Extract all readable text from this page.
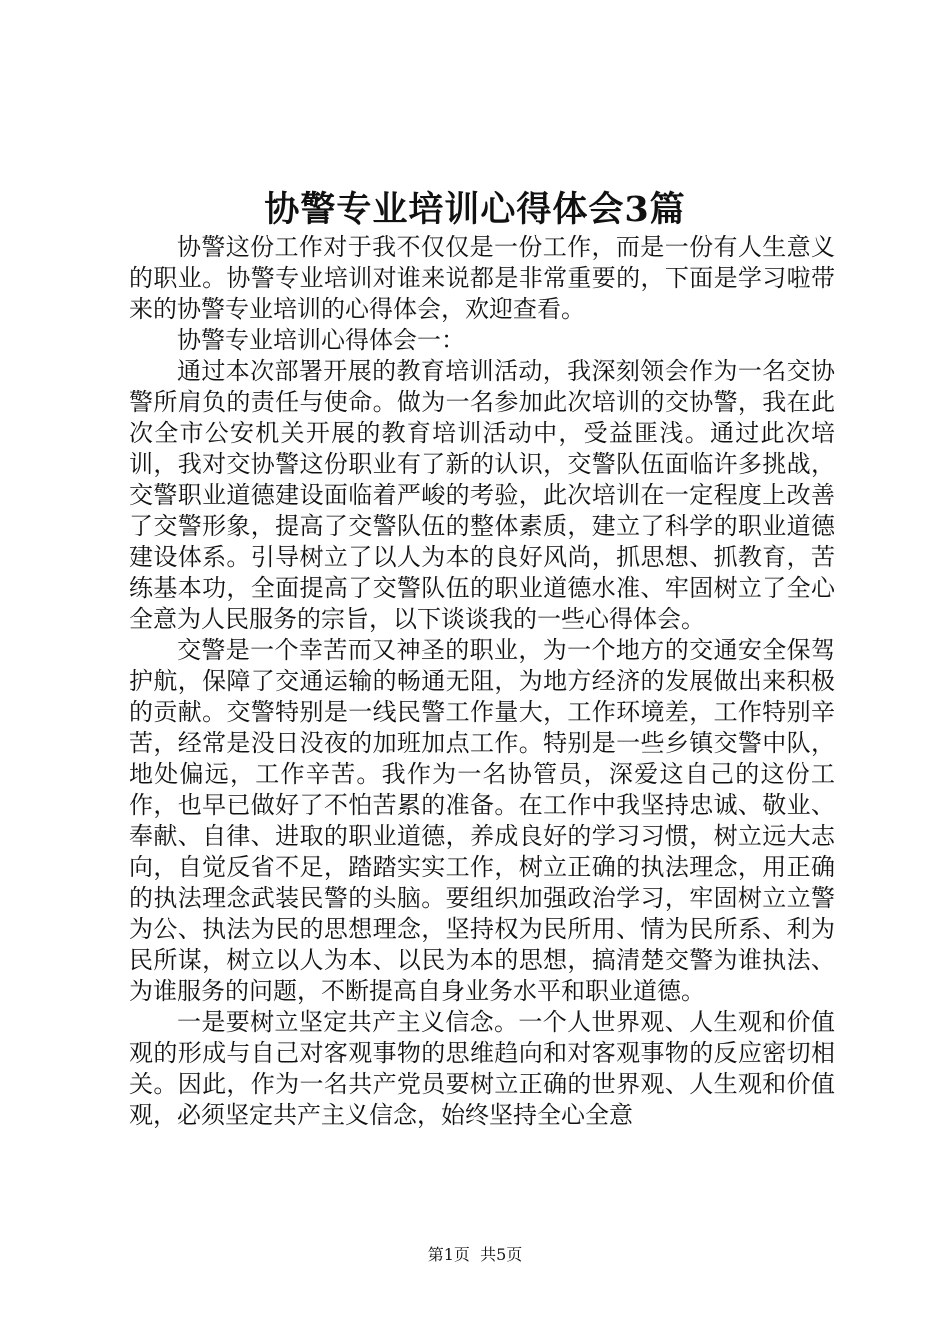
协警专业培训心得体会3篇

协警这份工作对于我不仅仅是一份工作，而是一份有人生意义的职业。协警专业培训对谁来说都是非常重要的，下面是学习啦带来的协警专业培训的心得体会，欢迎查看。

协警专业培训心得体会一：

通过本次部署开展的教育培训活动，我深刻领会作为一名交协警所肩负的责任与使命。做为一名参加此次培训的交协警，我在此次全市公安机关开展的教育培训活动中，受益匪浅。通过此次培训，我对交协警这份职业有了新的认识，交警队伍面临许多挑战，交警职业道德建设面临着严峻的考验，此次培训在一定程度上改善了交警形象，提高了交警队伍的整体素质，建立了科学的职业道德建设体系。引导树立了以人为本的良好风尚，抓思想、抓教育，苦练基本功，全面提高了交警队伍的职业道德水准、牢固树立了全心全意为人民服务的宗旨，以下谈谈我的一些心得体会。

交警是一个幸苦而又神圣的职业，为一个地方的交通安全保驾护航，保障了交通运输的畅通无阻，为地方经济的发展做出来积极的贡献。交警特别是一线民警工作量大，工作环境差，工作特别辛苦，经常是没日没夜的加班加点工作。特别是一些乡镇交警中队，地处偏远，工作辛苦。我作为一名协管员，深爱这自己的这份工作，也早已做好了不怕苦累的准备。在工作中我坚持忠诚、敬业、奉献、自律、进取的职业道德，养成良好的学习习惯，树立远大志向，自觉反省不足，踏踏实实工作，树立正确的执法理念，用正确的执法理念武装民警的头脑。要组织加强政治学习，牢固树立立警为公、执法为民的思想理念，坚持权为民所用、情为民所系、利为民所谋，树立以人为本、以民为本的思想，搞清楚交警为谁执法、为谁服务的问题，不断提高自身业务水平和职业道德。

一是要树立坚定共产主义信念。一个人世界观、人生观和价值观的形成与自己对客观事物的思维趋向和对客观事物的反应密切相关。因此，作为一名共产党员要树立正确的世界观、人生观和价值观，必须坚定共产主义信念，始终坚持全心全意

第1页 共5页
